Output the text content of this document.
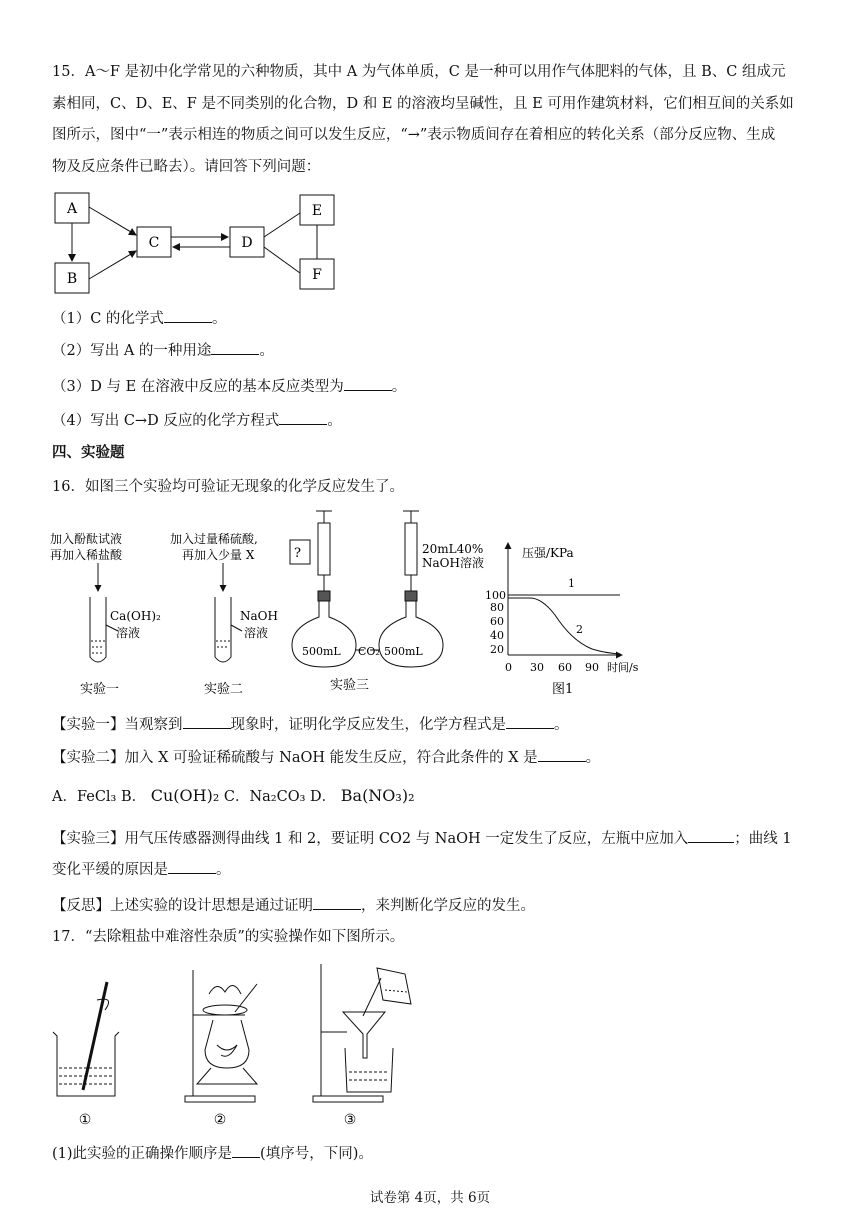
15．A～F 是初中化学常见的六种物质，其中 A 为气体单质，C 是一种可以用作气体肥料的气体，且 B、C 组成元
素相同，C、D、E、F 是不同类别的化合物，D 和 E 的溶液均呈碱性，且 E 可用作建筑材料，它们相互间的关系如
图所示，图中“一”表示相连的物质之间可以发生反应，“→”表示物质间存在着相应的转化关系（部分反应物、生成
物及反应条件已略去）。请回答下列问题：
A
B
C	D
E
F
（1）C 的化学式	。
（2）写出 A 的一种用途	。
（3）D 与 E 在溶液中反应的基本反应类型为	。
（4）写出 C→D 反应的化学方程式	。
四、实验题
16．如图三个实验均可验证无现象的化学反应发生了。
加入酚酞试液
再加入稀盐酸
Ca(OH)₂
溶液
实验一
加入过量稀硫酸,
再加入少量 X
NaOH
溶液
实验二
?	20mL40%
NaOH溶液
500mL CO₂ 500mL
实验三
压强/KPa
100
80
60
40
20
0 30 60 90 时间/s
1
2
图1
【实验一】当观察到	现象时，证明化学反应发生，化学方程式是	。
【实验二】加入 X 可验证稀硫酸与 NaOH 能发生反应，符合此条件的 X 是	。
A．FeCl₃ B． Cu(OH)₂ C．Na₂CO₃ D． Ba(NO₃)₂
【实验三】用气压传感器测得曲线 1 和 2，要证明 CO2 与 NaOH 一定发生了反应，左瓶中应加入	；曲线 1
变化平缓的原因是	。
【反思】上述实验的设计思想是通过证明	，来判断化学反应的发生。
17．“去除粗盐中难溶性杂质”的实验操作如下图所示。
①	②	③
(1)此实验的正确操作顺序是 (填序号，下同)。
试卷第 4页，共 6页
